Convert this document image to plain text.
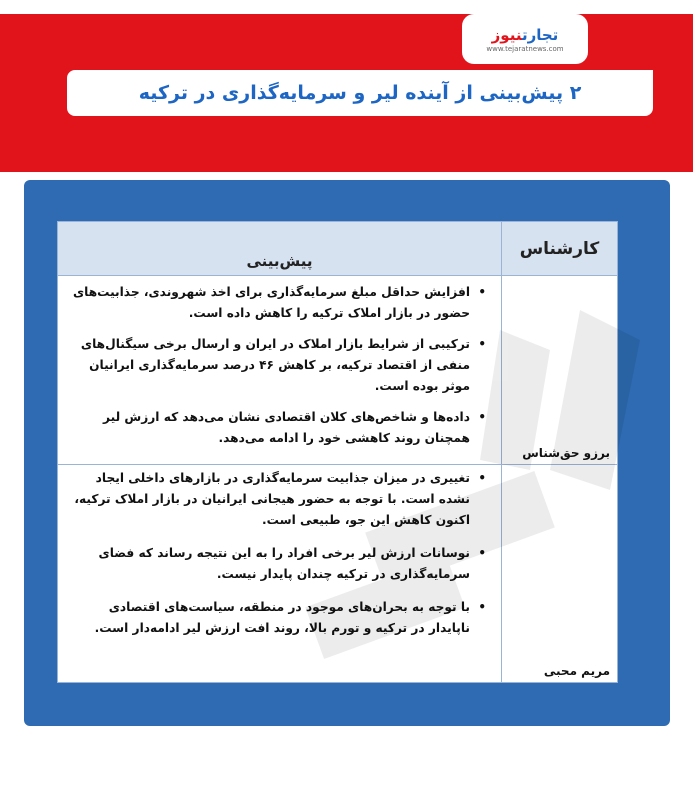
تجارتنیوز
www.tejaratnews.com
۲ پیش‌بینی از آینده لیر و سرمایه‌گذاری در ترکیه
کارشناس
پیش‌بینی
برزو حق‌شناس
• افزایش حداقل مبلغ سرمایه‌گذاری برای اخذ شهروندی، جذابیت‌های حضور در بازار املاک ترکیه را کاهش داده است.
• ترکیبی از شرایط بازار املاک در ایران و ارسال برخی سیگنال‌های منفی از اقتصاد ترکیه، بر کاهش ۴۶ درصد سرمایه‌گذاری ایرانیان موثر بوده است.
• داده‌ها و شاخص‌های کلان اقتصادی نشان می‌دهد که ارزش لیر همچنان روند کاهشی خود را ادامه می‌دهد.
مریم محبی
• تغییری در میزان جذابیت سرمایه‌گذاری در بازارهای داخلی ایجاد نشده است. با توجه به حضور هیجانی ایرانیان در بازار املاک ترکیه، اکنون کاهش این جو، طبیعی است.
• نوسانات ارزش لیر برخی افراد را به این نتیجه رساند که فضای سرمایه‌گذاری در ترکیه چندان پایدار نیست.
• با توجه به بحران‌های موجود در منطقه، سیاست‌های اقتصادی ناپایدار در ترکیه و تورم بالا، روند افت ارزش لیر ادامه‌دار است.
